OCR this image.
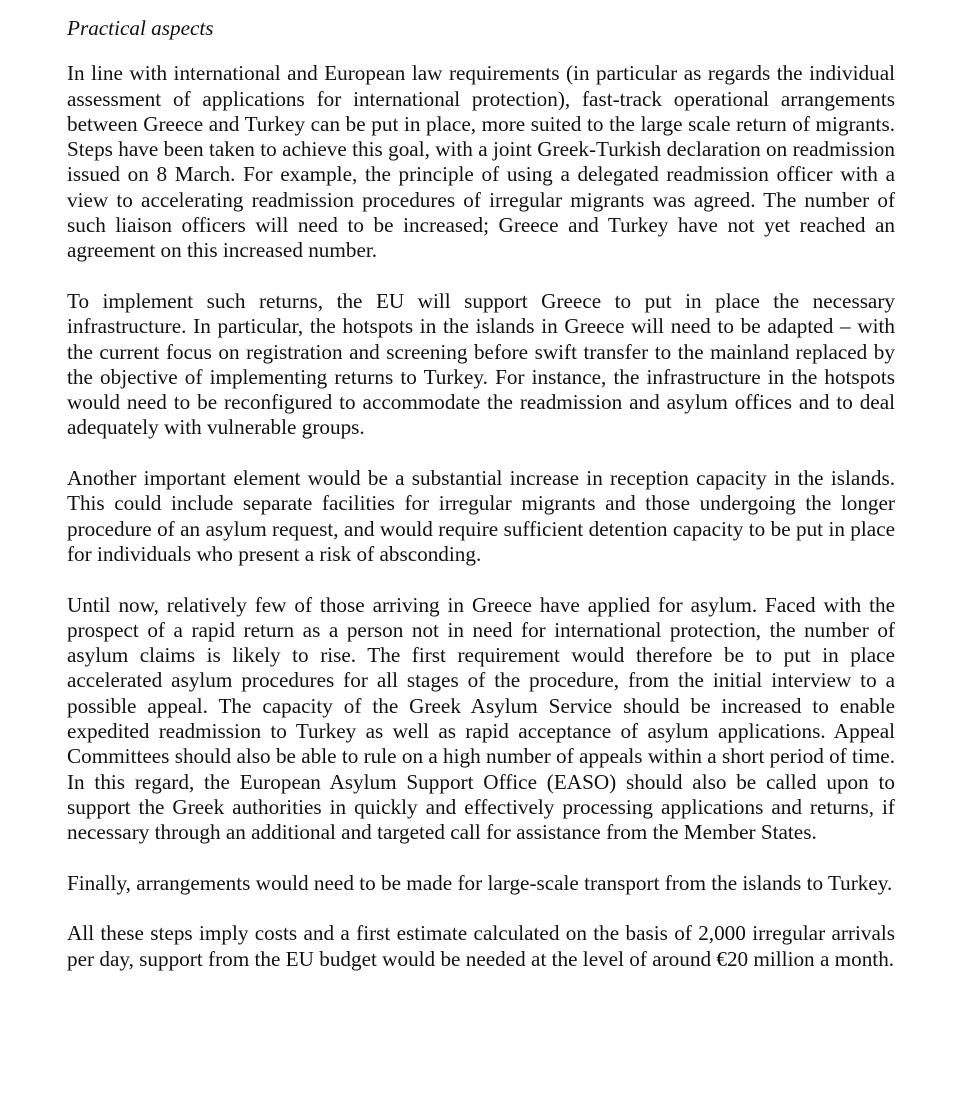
Practical aspects

In line with international and European law requirements (in particular as regards the individual assessment of applications for international protection), fast-track operational arrangements between Greece and Turkey can be put in place, more suited to the large scale return of migrants. Steps have been taken to achieve this goal, with a joint Greek-Turkish declaration on readmission issued on 8 March. For example, the principle of using a delegated readmission officer with a view to accelerating readmission procedures of irregular migrants was agreed. The number of such liaison officers will need to be increased; Greece and Turkey have not yet reached an agreement on this increased number.

To implement such returns, the EU will support Greece to put in place the necessary infrastructure. In particular, the hotspots in the islands in Greece will need to be adapted – with the current focus on registration and screening before swift transfer to the mainland replaced by the objective of implementing returns to Turkey. For instance, the infrastructure in the hotspots would need to be reconfigured to accommodate the readmission and asylum offices and to deal adequately with vulnerable groups.

Another important element would be a substantial increase in reception capacity in the islands. This could include separate facilities for irregular migrants and those undergoing the longer procedure of an asylum request, and would require sufficient detention capacity to be put in place for individuals who present a risk of absconding.

Until now, relatively few of those arriving in Greece have applied for asylum. Faced with the prospect of a rapid return as a person not in need for international protection, the number of asylum claims is likely to rise. The first requirement would therefore be to put in place accelerated asylum procedures for all stages of the procedure, from the initial interview to a possible appeal. The capacity of the Greek Asylum Service should be increased to enable expedited readmission to Turkey as well as rapid acceptance of asylum applications. Appeal Committees should also be able to rule on a high number of appeals within a short period of time. In this regard, the European Asylum Support Office (EASO) should also be called upon to support the Greek authorities in quickly and effectively processing applications and returns, if necessary through an additional and targeted call for assistance from the Member States.

Finally, arrangements would need to be made for large-scale transport from the islands to Turkey.

All these steps imply costs and a first estimate calculated on the basis of 2,000 irregular arrivals per day, support from the EU budget would be needed at the level of around €20 million a month.
